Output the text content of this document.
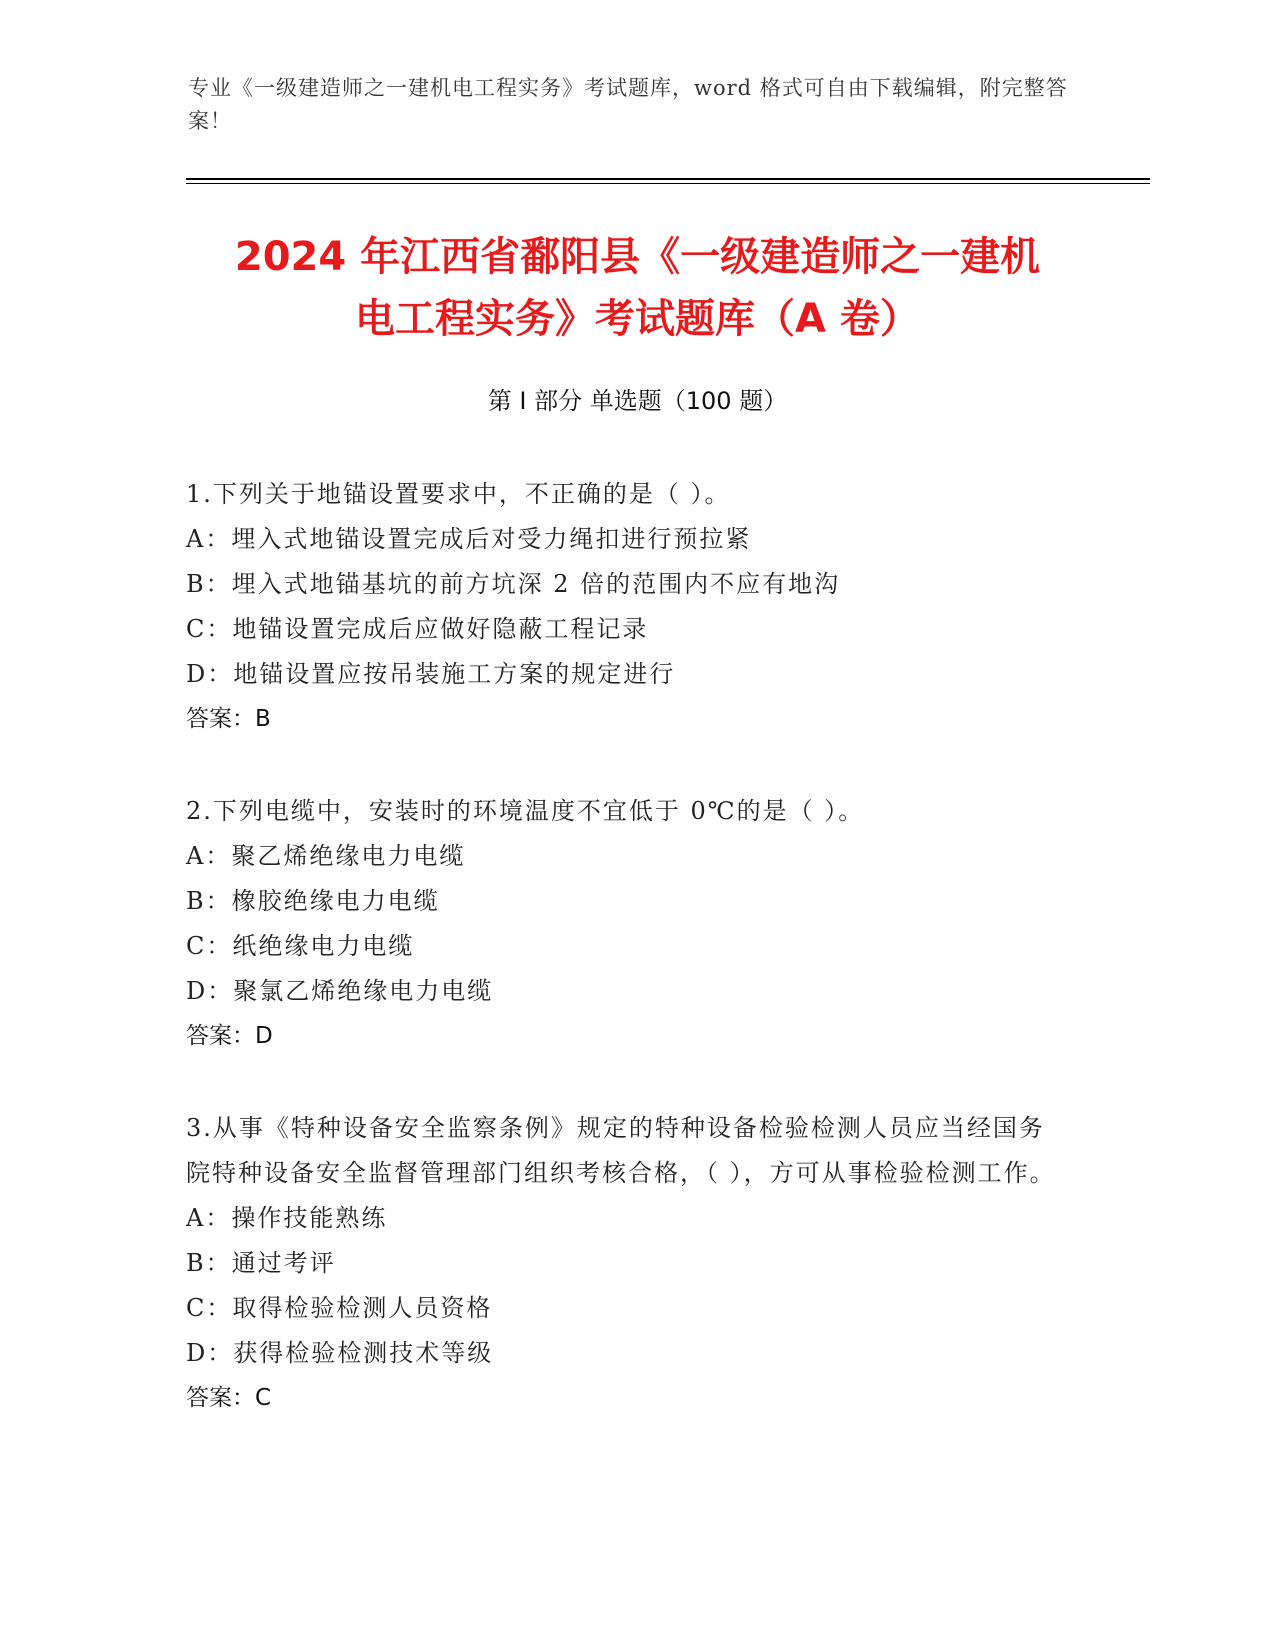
专业《一级建造师之一建机电工程实务》考试题库，word 格式可自由下载编辑，附完整答案！
2024 年江西省鄱阳县《一级建造师之一建机
电工程实务》考试题库（A 卷）
第 I 部分 单选题（100 题）

1.下列关于地锚设置要求中，不正确的是（ ）。

A：埋入式地锚设置完成后对受力绳扣进行预拉紧

B：埋入式地锚基坑的前方坑深 2 倍的范围内不应有地沟

C：地锚设置完成后应做好隐蔽工程记录

D：地锚设置应按吊装施工方案的规定进行

答案：B

2.下列电缆中，安装时的环境温度不宜低于 0℃的是（ ）。

A：聚乙烯绝缘电力电缆

B：橡胶绝缘电力电缆

C：纸绝缘电力电缆

D：聚氯乙烯绝缘电力电缆

答案：D

3.从事《特种设备安全监察条例》规定的特种设备检验检测人员应当经国务院特种设备安全监督管理部门组织考核合格，（ ），方可从事检验检测工作。

A：操作技能熟练

B：通过考评

C：取得检验检测人员资格

D：获得检验检测技术等级

答案：C
